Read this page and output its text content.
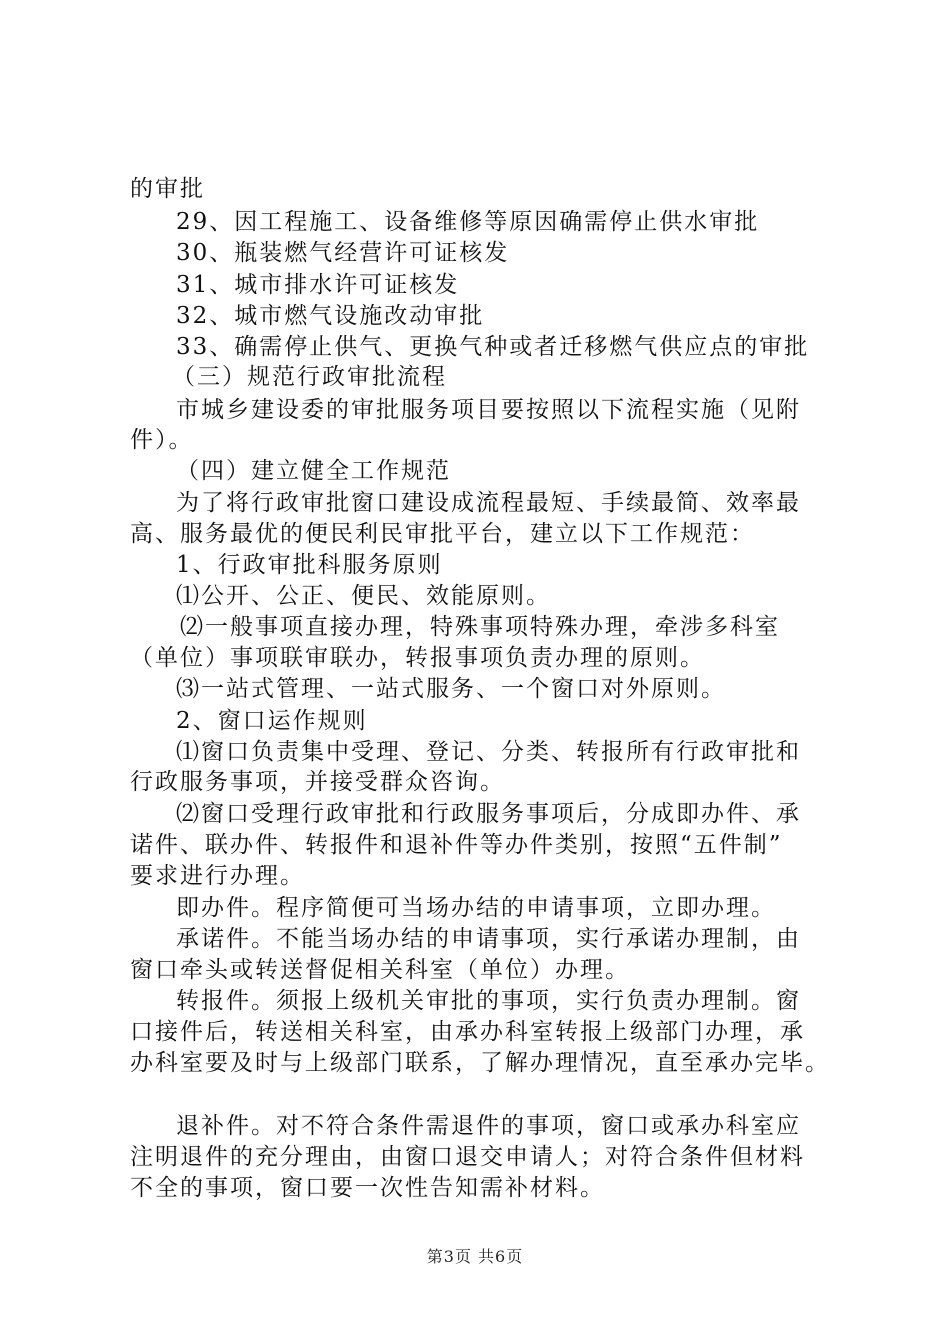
的审批
29、因工程施工、设备维修等原因确需停止供水审批
30、瓶装燃气经营许可证核发
31、城市排水许可证核发
32、城市燃气设施改动审批
33、确需停止供气、更换气种或者迁移燃气供应点的审批
（三）规范行政审批流程
市城乡建设委的审批服务项目要按照以下流程实施（见附
件）。
（四）建立健全工作规范
为了将行政审批窗口建设成流程最短、手续最简、效率最
高、服务最优的便民利民审批平台，建立以下工作规范：
1、行政审批科服务原则
⑴公开、公正、便民、效能原则。
⑵一般事项直接办理，特殊事项特殊办理，牵涉多科室
（单位）事项联审联办，转报事项负责办理的原则。
⑶一站式管理、一站式服务、一个窗口对外原则。
2、窗口运作规则
⑴窗口负责集中受理、登记、分类、转报所有行政审批和
行政服务事项，并接受群众咨询。
⑵窗口受理行政审批和行政服务事项后，分成即办件、承
诺件、联办件、转报件和退补件等办件类别，按照“五件制”
要求进行办理。
即办件。程序简便可当场办结的申请事项，立即办理。
承诺件。不能当场办结的申请事项，实行承诺办理制，由
窗口牵头或转送督促相关科室（单位）办理。
转报件。须报上级机关审批的事项，实行负责办理制。窗
口接件后，转送相关科室，由承办科室转报上级部门办理，承
办科室要及时与上级部门联系，了解办理情况，直至承办完毕。
退补件。对不符合条件需退件的事项，窗口或承办科室应
注明退件的充分理由，由窗口退交申请人；对符合条件但材料
不全的事项，窗口要一次性告知需补材料。
第3页 共6页
